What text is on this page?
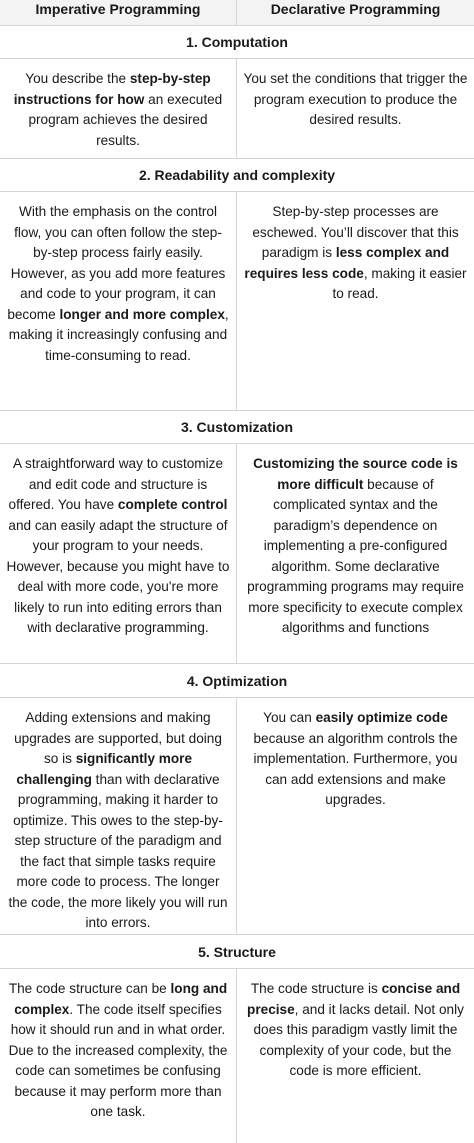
Imperative Programming	Declarative Programming
1. Computation
You describe the step-by-step instructions for how an executed program achieves the desired results.
You set the conditions that trigger the program execution to produce the desired results.
2. Readability and complexity
With the emphasis on the control flow, you can often follow the step-by-step process fairly easily. However, as you add more features and code to your program, it can become longer and more complex, making it increasingly confusing and time-consuming to read.
Step-by-step processes are eschewed. You’ll discover that this paradigm is less complex and requires less code, making it easier to read.
3. Customization
A straightforward way to customize and edit code and structure is offered. You have complete control and can easily adapt the structure of your program to your needs. However, because you might have to deal with more code, you're more likely to run into editing errors than with declarative programming.
Customizing the source code is more difficult because of complicated syntax and the paradigm’s dependence on implementing a pre-configured algorithm. Some declarative programming programs may require more specificity to execute complex algorithms and functions
4. Optimization
Adding extensions and making upgrades are supported, but doing so is significantly more challenging than with declarative programming, making it harder to optimize. This owes to the step-by-step structure of the paradigm and the fact that simple tasks require more code to process. The longer the code, the more likely you will run into errors.
You can easily optimize code because an algorithm controls the implementation. Furthermore, you can add extensions and make upgrades.
5. Structure
The code structure can be long and complex. The code itself specifies how it should run and in what order. Due to the increased complexity, the code can sometimes be confusing because it may perform more than one task.
The code structure is concise and precise, and it lacks detail. Not only does this paradigm vastly limit the complexity of your code, but the code is more efficient.
